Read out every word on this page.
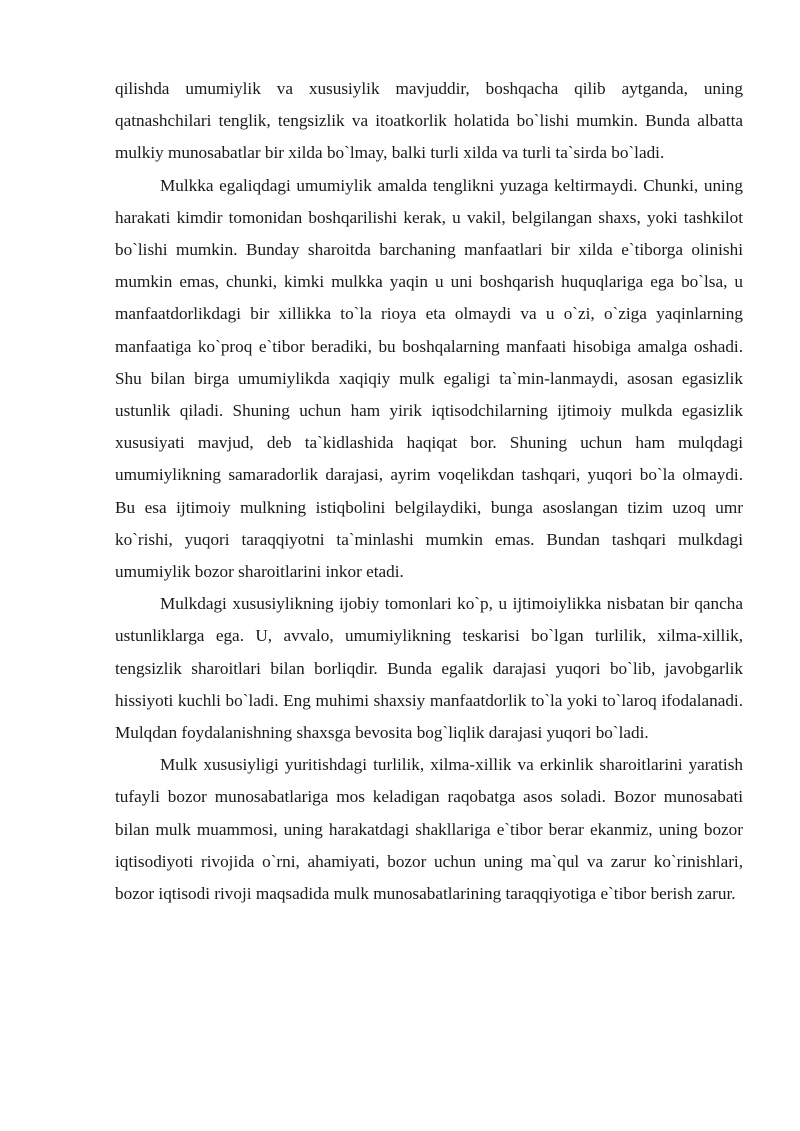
qilishda umumiylik va xususiylik mavjuddir, boshqacha qilib aytganda, uning qatnashchilari tenglik, tengsizlik va itoatkorlik holatida bo`lishi mumkin. Bunda albatta mulkiy munosabatlar bir xilda bo`lmay, balki turli xilda va turli ta`sirda bo`ladi.

Mulkka egaliqdagi umumiylik amalda tenglikni yuzaga keltirmaydi. Chunki, uning harakati kimdir tomonidan boshqarilishi kerak, u vakil, belgilangan shaxs, yoki tashkilot bo`lishi mumkin. Bunday sharoitda barchaning manfaatlari bir xilda e`tiborga olinishi mumkin emas, chunki, kimki mulkka yaqin u uni boshqarish huquqlariga ega bo`lsa, u manfaatdorlikdagi bir xillikka to`la rioya eta olmaydi va u o`zi, o`ziga yaqinlarning manfaatiga ko`proq e`tibor beradiki, bu boshqalarning manfaati hisobiga amalga oshadi. Shu bilan birga umumiylikda xaqiqiy mulk egaligi ta`min-lanmaydi, asosan egasizlik ustunlik qiladi. Shuning uchun ham yirik iqtisodchilarning ijtimoiy mulkda egasizlik xususiyati mavjud, deb ta`kidlashida haqiqat bor. Shuning uchun ham mulqdagi umumiylikning samaradorlik darajasi, ayrim voqelikdan tashqari, yuqori bo`la olmaydi. Bu esa ijtimoiy mulkning istiqbolini belgilaydiki, bunga asoslangan tizim uzoq umr ko`rishi, yuqori taraqqiyotni ta`minlashi mumkin emas. Bundan tashqari mulkdagi umumiylik bozor sharoitlarini inkor etadi.

Mulkdagi xususiylikning ijobiy tomonlari ko`p, u ijtimoiylikka nisbatan bir qancha ustunliklarga ega. U, avvalo, umumiylikning teskarisi bo`lgan turlilik, xilma-xillik, tengsizlik sharoitlari bilan borliqdir. Bunda egalik darajasi yuqori bo`lib, javobgarlik hissiyoti kuchli bo`ladi. Eng muhimi shaxsiy manfaatdorlik to`la yoki to`laroq ifodalanadi. Mulqdan foydalanishning shaxsga bevosita bog`liqlik darajasi yuqori bo`ladi.

Mulk xususiyligi yuritishdagi turlilik, xilma-xillik va erkinlik sharoitlarini yaratish tufayli bozor munosabatlariga mos keladigan raqobatga asos soladi. Bozor munosabati bilan mulk muammosi, uning harakatdagi shakllariga e`tibor berar ekanmiz, uning bozor iqtisodiyoti rivojida o`rni, ahamiyati, bozor uchun uning ma`qul va zarur ko`rinishlari, bozor iqtisodi rivoji maqsadida mulk munosabatlarining taraqqiyotiga e`tibor berish zarur.
